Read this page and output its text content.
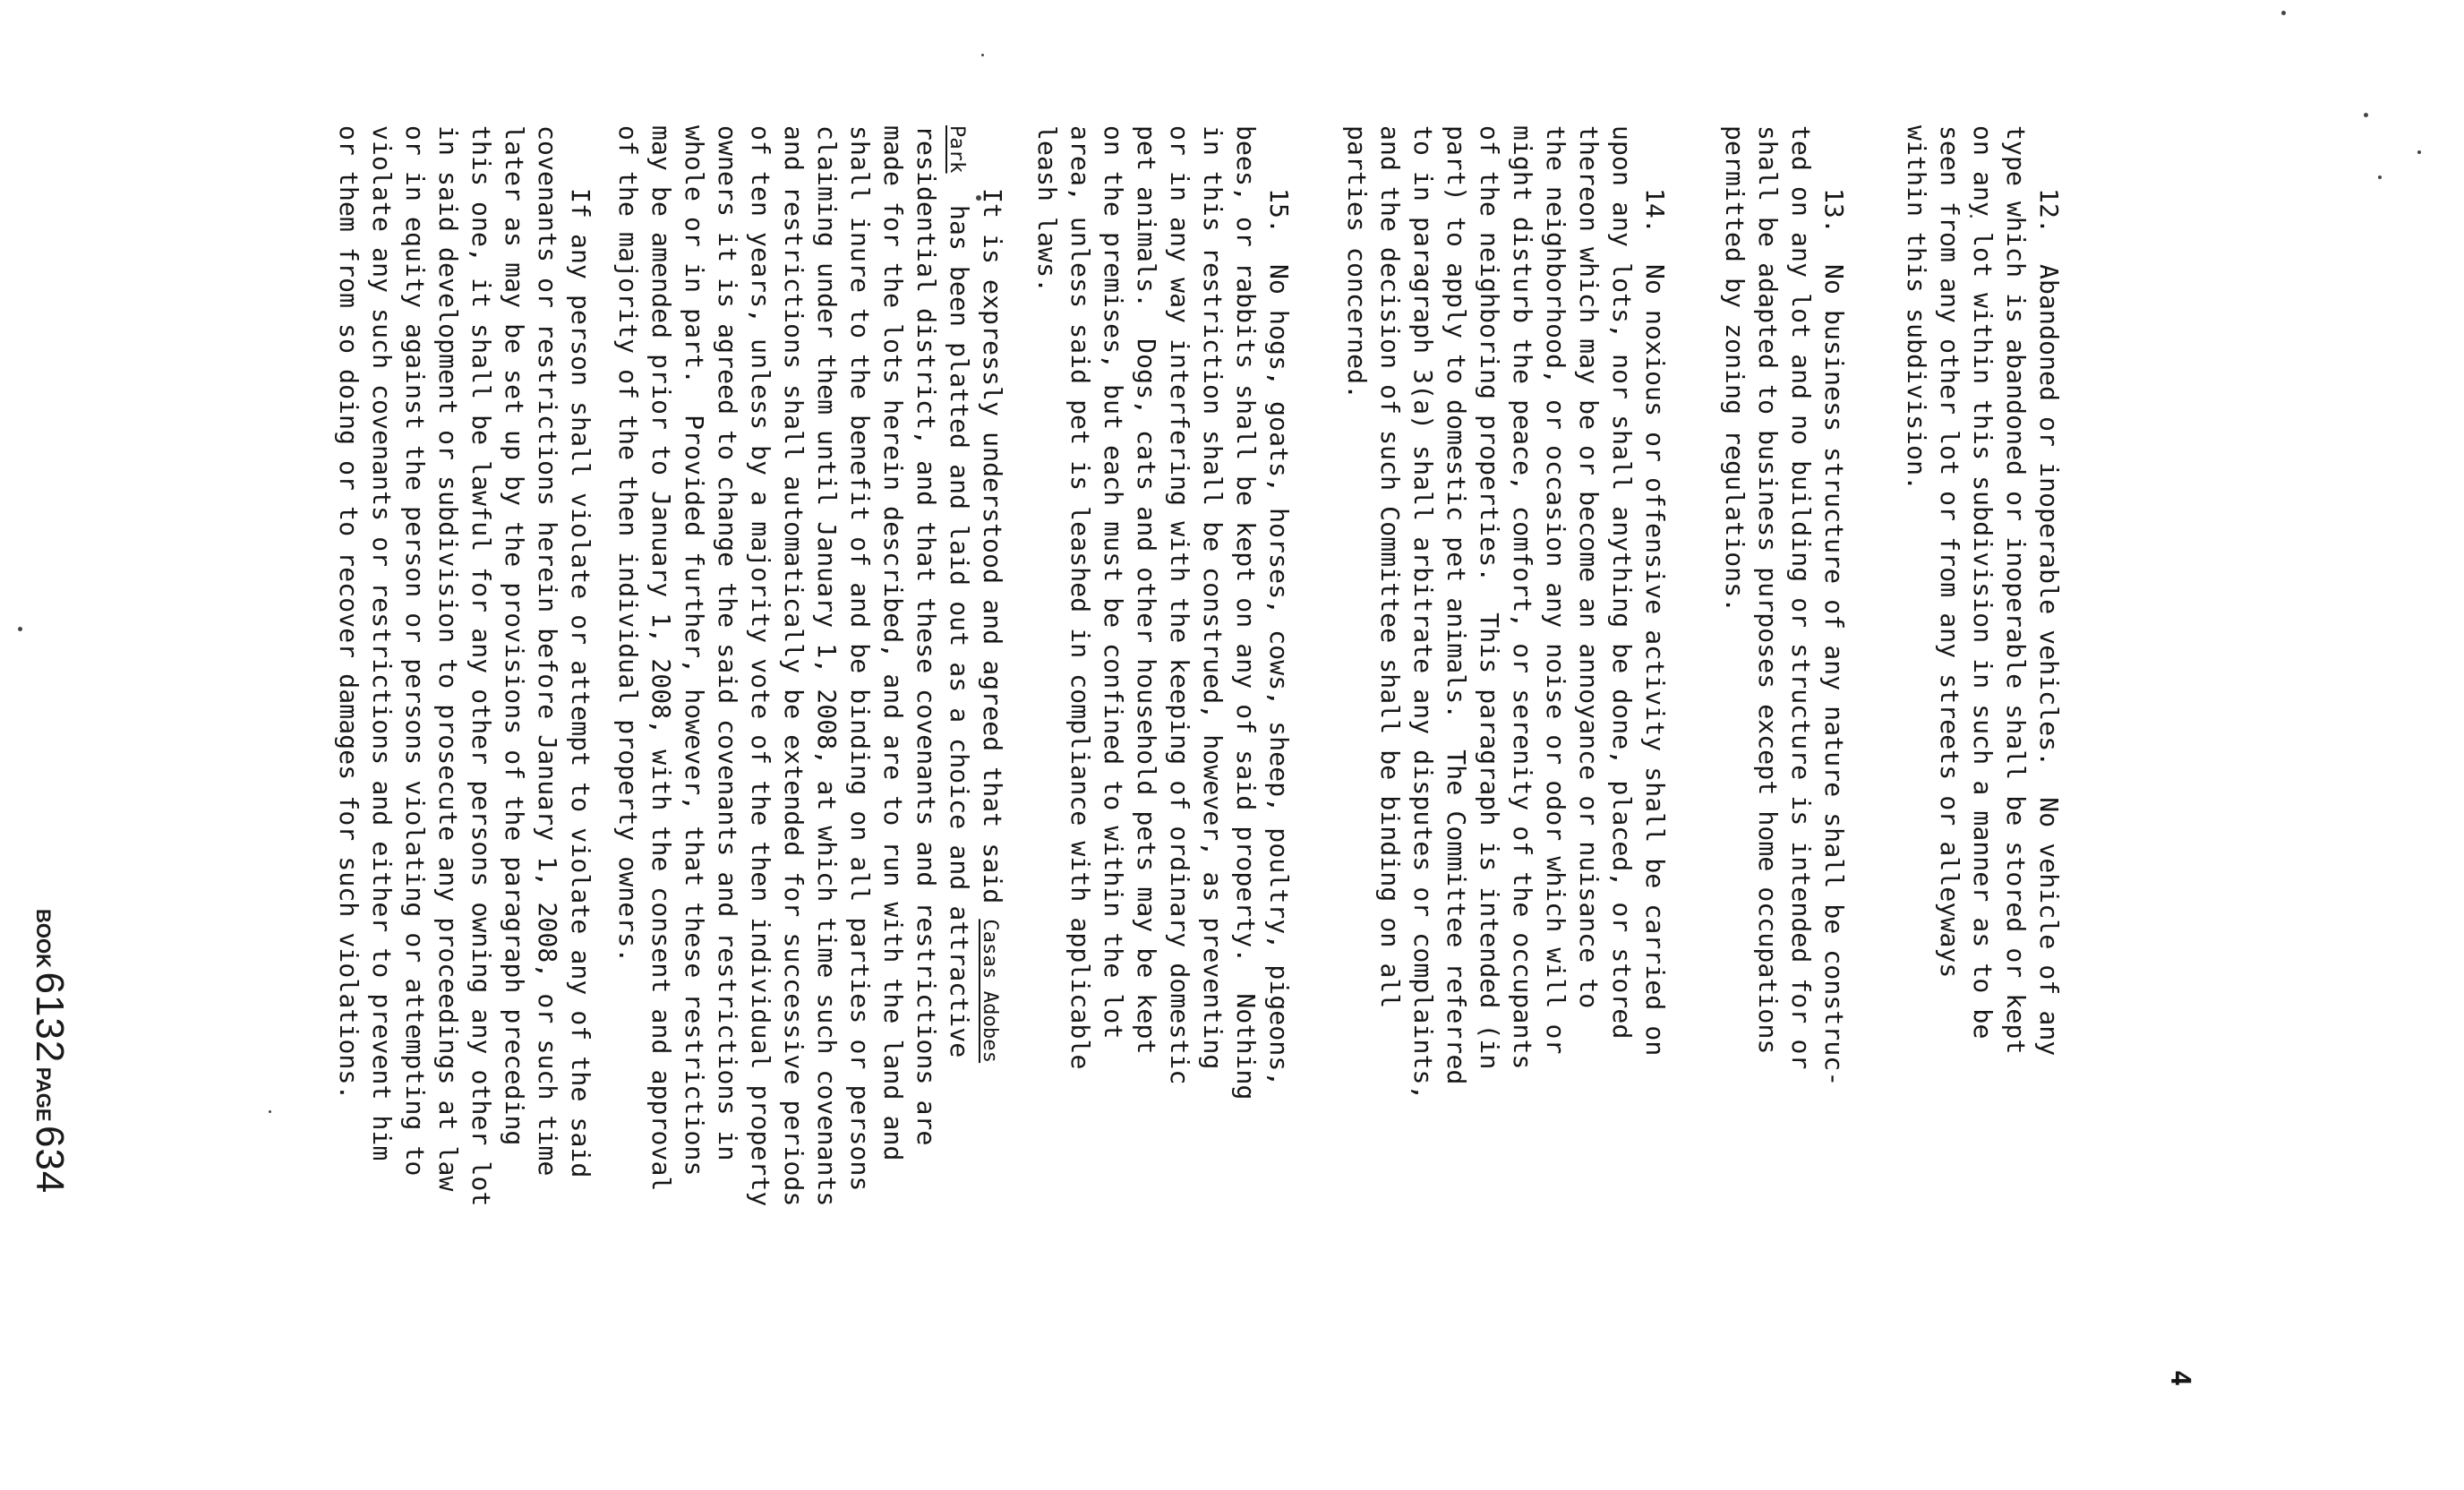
4
12.  Abandoned or inoperable vehicles.  No vehicle of any
type which is abandoned or inoperable shall be stored or kept
on any lot within this subdivision in such a manner as to be
seen from any other lot or from any streets or alleyways
within this subdivision.
13.  No business structure of any nature shall be construc-
ted on any lot and no building or structure is intended for or
shall be adapted to business purposes except home occupations
permitted by zoning regulations.
14.  No noxious or offensive activity shall be carried on
upon any lots, nor shall anything be done, placed, or stored
thereon which may be or become an annoyance or nuisance to
the neighborhood, or occasion any noise or odor which will or
might disturb the peace, comfort, or serenity of the occupants
of the neighboring properties.  This paragraph is intended (in
part) to apply to domestic pet animals.  The Committee referred
to in paragraph 3(a) shall arbitrate any disputes or complaints,
and the decision of such Committee shall be binding on all
parties concerned.
15.  No hogs, goats, horses, cows, sheep, poultry, pigeons,
bees, or rabbits shall be kept on any of said property.  Nothing
in this restriction shall be construed, however, as preventing
or in any way interfering with the keeping of ordinary domestic
pet animals.  Dogs, cats and other household pets may be kept
on the premises, but each must be confined to within the lot
area, unless said pet is leashed in compliance with applicable
leash laws.
It is expressly understood and agreed that said Casas Adobes
Park has been platted and laid out as a choice and attractive
residential district, and that these covenants and restrictions are
made for the lots herein described, and are to run with the land and
shall inure to the benefit of and be binding on all parties or persons
claiming under them until January 1, 2008, at which time such covenants
and restrictions shall automatically be extended for successive periods
of ten years, unless by a majority vote of the then individual property
owners it is agreed to change the said covenants and restrictions in
whole or in part.  Provided further, however, that these restrictions
may be amended prior to January 1, 2008, with the consent and approval
of the majority of the then individual property owners.
If any person shall violate or attempt to violate any of the said
covenants or restrictions herein before January 1, 2008, or such time
later as may be set up by the provisions of the paragraph preceding
this one, it shall be lawful for any other persons owning any other lot
in said development or subdivision to prosecute any proceedings at law
or in equity against the person or persons violating or attempting to
violate any such covenants or restrictions and either to prevent him
or them from so doing or to recover damages for such violations.
BOOK 6132 PAGE 634
